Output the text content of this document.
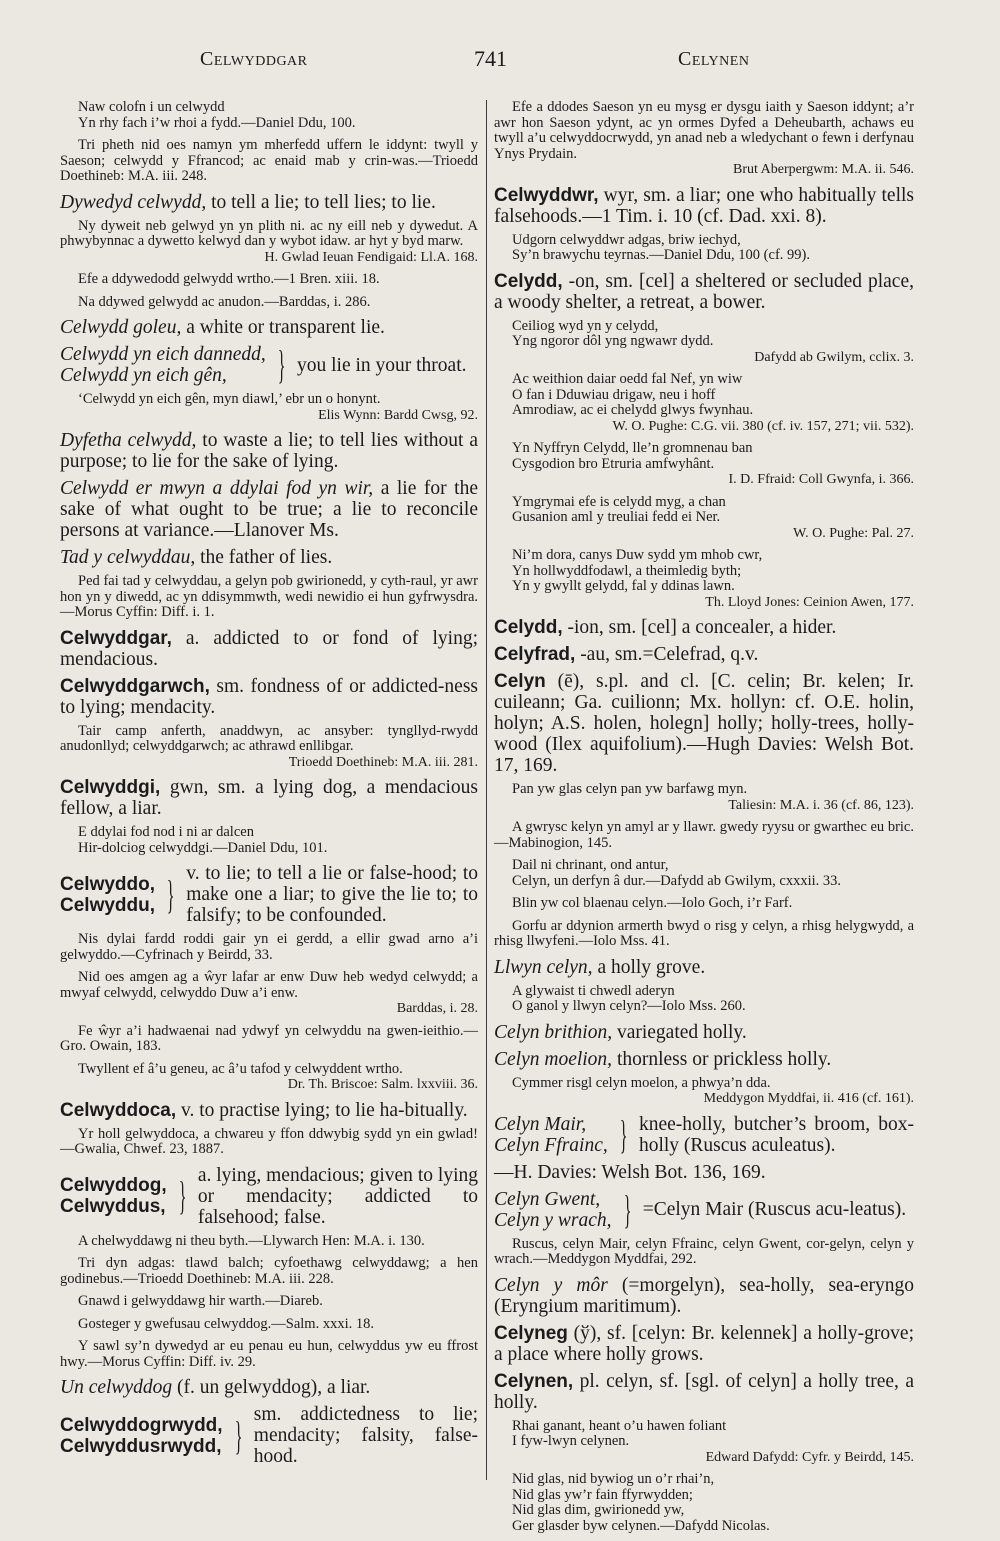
Celwyddgar	741	Celynen
Naw colofn i un celwydd
Yn rhy fach i’w rhoi a fydd.—Daniel Ddu, 100.
Tri pheth nid oes namyn ym mherfedd uffern le iddynt: twyll y Saeson; celwydd y Ffrancod; ac enaid mab y crin-was.—Trioedd Doethineb: M.A. iii. 248.
Dywedyd celwydd, to tell a lie; to tell lies; to lie.
Ny dyweit neb gelwyd yn yn plith ni. ac ny eill neb y dywedut. A phwybynnac a dywetto kelwyd dan y wybot idaw. ar hyt y byd marw.
H. Gwlad Ieuan Fendigaid: Ll.A. 168.
Efe a ddywedodd gelwydd wrtho.—1 Bren. xiii. 18.
Na ddywed gelwydd ac anudon.—Barddas, i. 286.
Celwydd goleu, a white or transparent lie.
Celwydd yn eich dannedd,
Celwydd yn eich gên,	} you lie in your throat.
‘Celwydd yn eich gên, myn diawl,’ ebr un o honynt.
Elis Wynn: Bardd Cwsg, 92.
Dyfetha celwydd, to waste a lie; to tell lies without a purpose; to lie for the sake of lying.
Celwydd er mwyn a ddylai fod yn wir, a lie for the sake of what ought to be true; a lie to reconcile persons at variance.—Llanover Ms.
Tad y celwyddau, the father of lies.
Ped fai tad y celwyddau, a gelyn pob gwirionedd, y cyth-raul, yr awr hon yn y diwedd, ac yn ddisymmwth, wedi newidio ei hun gyfrwysdra.—Morus Cyffin: Diff. i. 1.
Celwyddgar, a. addicted to or fond of lying; mendacious.
Celwyddgarwch, sm. fondness of or addicted-ness to lying; mendacity.
Tair camp anferth, anaddwyn, ac ansyber: tyngllyd-rwydd anudonllyd; celwyddgarwch; ac athrawd enllibgar.
Trioedd Doethineb: M.A. iii. 281.
Celwyddgi, gwn, sm. a lying dog, a mendacious fellow, a liar.
E ddylai fod nod i ni ar dalcen
Hir-dolciog celwyddgi.—Daniel Ddu, 101.
Celwyddo,
Celwyddu, } v. to lie; to tell a lie or false-hood; to make one a liar; to give the lie to; to falsify; to be confounded.
Nis dylai fardd roddi gair yn ei gerdd, a ellir gwad arno a’i gelwyddo.—Cyfrinach y Beirdd, 33.
Nid oes amgen ag a ŵyr lafar ar enw Duw heb wedyd celwydd; a mwyaf celwydd, celwyddo Duw a’i enw.
Barddas, i. 28.
Fe ŵyr a’i hadwaenai nad ydwyf yn celwyddu na gwen-ieithio.—Gro. Owain, 183.
Twyllent ef â’u geneu, ac â’u tafod y celwyddent wrtho.
Dr. Th. Briscoe: Salm. lxxviii. 36.
Celwyddoca, v. to practise lying; to lie ha-bitually.
Yr holl gelwyddoca, a chwareu y ffon ddwybig sydd yn ein gwlad!—Gwalia, Chwef. 23, 1887.
Celwyddog,
Celwyddus, } a. lying, mendacious; given to lying or mendacity; addicted to falsehood; false.
A chelwyddawg ni theu byth.—Llywarch Hen: M.A. i. 130.
Tri dyn adgas: tlawd balch; cyfoethawg celwyddawg; a hen godinebus.—Trioedd Doethineb: M.A. iii. 228.
Gnawd i gelwyddawg hir warth.—Diareb.
Gosteger y gwefusau celwyddog.—Salm. xxxi. 18.
Y sawl sy’n dywedyd ar eu penau eu hun, celwyddus yw eu ffrost hwy.—Morus Cyffin: Diff. iv. 29.
Un celwyddog (f. un gelwyddog), a liar.
Celwyddogrwydd,
Celwyddusrwydd, } sm. addictedness to lie; mendacity; falsity, false-hood.
Efe a ddodes Saeson yn eu mysg er dysgu iaith y Saeson iddynt; a’r awr hon Saeson ydynt, ac yn ormes Dyfed a Deheubarth, achaws eu twyll a’u celwyddocrwydd, yn anad neb a wledychant o fewn i derfynau Ynys Prydain.
Brut Aberpergwm: M.A. ii. 546.
Celwyddwr, wyr, sm. a liar; one who habitually tells falsehoods.—1 Tim. i. 10 (cf. Dad. xxi. 8).
Udgorn celwyddwr adgas, briw iechyd,
Sy’n brawychu teyrnas.—Daniel Ddu, 100 (cf. 99).
Celydd, -on, sm. [cel] a sheltered or secluded place, a woody shelter, a retreat, a bower.
Ceiliog wyd yn y celydd,
Yng ngoror dôl yng ngwawr dydd.
Dafydd ab Gwilym, cclix. 3.
Ac weithion daiar oedd fal Nef, yn wiw
O fan i Dduwiau drigaw, neu i hoff
Amrodiaw, ac ei chelydd glwys fwynhau.
W. O. Pughe: C.G. vii. 380 (cf. iv. 157, 271; vii. 532).
Yn Nyffryn Celydd, lle’n gromnenau ban
Cysgodion bro Etruria amfwyhânt.
I. D. Ffraid: Coll Gwynfa, i. 366.
Ymgrymai efe is celydd myg, a chan
Gusanion aml y treuliai fedd ei Ner.
W. O. Pughe: Pal. 27.
Ni’m dora, canys Duw sydd ym mhob cwr,
Yn hollwyddfodawl, a theimledig byth;
Yn y gwyllt gelydd, fal y ddinas lawn.
Th. Lloyd Jones: Ceinion Awen, 177.
Celydd, -ion, sm. [cel] a concealer, a hider.
Celyfrad, -au, sm.=Celefrad, q.v.
Celyn (ē), s.pl. and cl. [C. celin; Br. kelen; Ir. cuileann; Ga. cuilionn; Mx. hollyn: cf. O.E. holin, holyn; A.S. holen, holegn] holly; holly-trees, holly-wood (Ilex aquifolium).—Hugh Davies: Welsh Bot. 17, 169.
Pan yw glas celyn pan yw barfawg myn.
Taliesin: M.A. i. 36 (cf. 86, 123).
A gwrysc kelyn yn amyl ar y llawr. gwedy ryysu or gwarthec eu bric.—Mabinogion, 145.
Dail ni chrinant, ond antur,
Celyn, un derfyn â dur.—Dafydd ab Gwilym, cxxxii. 33.
Blin yw col blaenau celyn.—Iolo Goch, i’r Farf.
Gorfu ar ddynion armerth bwyd o risg y celyn, a rhisg helygwydd, a rhisg llwyfeni.—Iolo Mss. 41.
Llwyn celyn, a holly grove.
A glywaist ti chwedl aderyn
O ganol y llwyn celyn?—Iolo Mss. 260.
Celyn brithion, variegated holly.
Celyn moelion, thornless or prickless holly.
Cymmer risgl celyn moelon, a phwya’n dda.
Meddygon Myddfai, ii. 416 (cf. 161).
Celyn Mair,
Celyn Ffrainc, } knee-holly, butcher’s broom, box-holly (Ruscus aculeatus).
—H. Davies: Welsh Bot. 136, 169.
Celyn Gwent,
Celyn y wrach, } =Celyn Mair (Ruscus acu-leatus).
Ruscus, celyn Mair, celyn Ffrainc, celyn Gwent, cor-gelyn, celyn y wrach.—Meddygon Myddfai, 292.
Celyn y môr (=morgelyn), sea-holly, sea-eryngo (Eryngium maritimum).
Celyneg (ў), sf. [celyn: Br. kelennek] a holly-grove; a place where holly grows.
Celynen, pl. celyn, sf. [sgl. of celyn] a holly tree, a holly.
Rhai ganant, heant o’u hawen foliant
I fyw-lwyn celynen.
Edward Dafydd: Cyfr. y Beirdd, 145.
Nid glas, nid bywiog un o’r rhai’n,
Nid glas yw’r fain ffyrwydden;
Nid glas dim, gwirionedd yw,
Ger glasder byw celynen.—Dafydd Nicolas.
